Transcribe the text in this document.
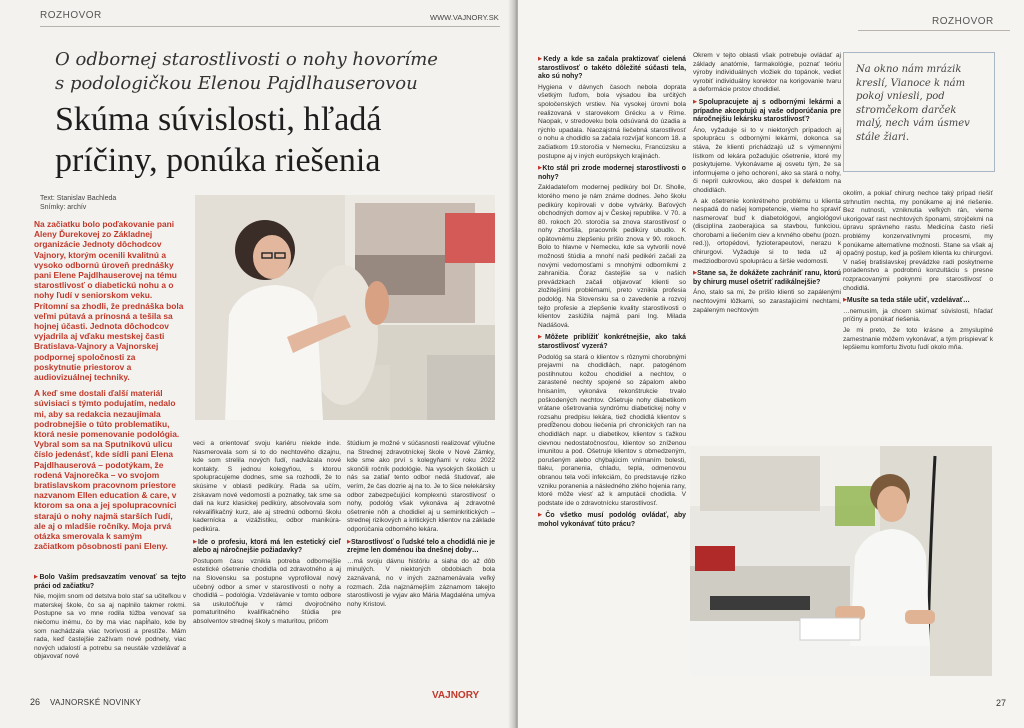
ROZHOVOR	WWW.VAJNORY.SK
O odbornej starostlivosti o nohy hovoríme
s podologičkou Elenou Pajdlhauserovou
Skúma súvislosti, hľadá
príčiny, ponúka riešenia
Text: Stanislav Bachleda
Snímky: archív

Na začiatku bolo poďakovanie pani Aleny Ďurekovej zo Základnej organizácie Jednoty dôchodcov Vajnory, ktorým ocenili kvalitnú a vysoko odbornú úroveň prednášky pani Elene Pajdlhauserovej na tému starostlivosť o diabetickú nohu a o nohy ľudí v seniorskom veku. Prítomní sa zhodli, že prednáška bola veľmi pútavá a prínosná a tešila sa hojnej účasti. Jednota dôchodcov vyjadrila aj vďaku mestskej časti Bratislava-Vajnory a Vajnorskej podpornej spoločnosti za poskytnutie priestorov a audiovizuálnej techniky.

A keď sme dostali ďalší materiál súvisiaci s týmto podujatím, nedalo mi, aby sa redakcia nezaujímala podrobnejšie o túto problematiku, ktorá nesie pomenovanie podológia. Vybral som sa na Sputnikovú ulicu číslo jedenásť, kde sídli pani Elena Pajdlhauserová – podotýkam, že rodená Vajnorečka – vo svojom bratislavskom pracovnom priestore nazvanom Ellen education & care, v ktorom sa ona a jej spolupracovníci starajú o nohy najmä starších ľudí, ale aj o mladšie ročníky. Moja prvá otázka smerovala k samým začiatkom pôsobnosti pani Eleny.

▶ Bolo Vaším predsavzatím venovať sa tejto práci od začiatku?

Nie, mojím snom od detstva bolo stať sa učiteľkou v materskej škole, čo sa aj naplnilo takmer rokmi. Postupne sa vo mne rodila túžba venovať sa niečomu inému, čo by ma viac napĺňalo, kde by som nachádzala viac tvorivosti a prestíže. Mám rada, keď častejšie zažívam nové podnety, viac nových udalostí a potrebu sa neustále vzdelávať a objavovať nové

veci a orientovať svoju kariéru niekde inde. Nasmerovala som si to do nechtového dizajnu, kde som strelila nových ľudí, nadväzala nové kontakty. S jednou kolegyňou, s ktorou spolupracujeme dodnes, sme sa rozhodli, že to skúsime v oblasti pedikúry. Rada sa učím, získavam nové vedomosti a poznatky, tak sme sa dali na kurz klasickej pedikúry, absolvovala som rekvalifikačný kurz, ale aj strednú odbornú školu kadernícka a vizážistiku, odbor manikúra-pedikúra.

▶ Ide o profesiu, ktorá má len estetický cieľ alebo aj náročnejšie požiadavky?

Postupom času vznikla potreba odbornejšie estetické ošetrenie chodidla od zdravotného a aj na Slovensku sa postupne vyprofiloval nový učebný odbor a smer v starostlivosti o nohy a chodidlá – podológia. Vzdelávanie v tomto odbore sa uskutočňuje v rámci dvojročného pomaturitného kvalifikačného štúdia pre absolventov strednej školy s maturitou, pričom

štúdium je možné v súčasnosti realizovať výlučne na Strednej zdravotníckej škole v Nové Zámky, kde sme ako prví s kolegyňami v roku 2022 skončili ročník podológie. Na vysokých školách u nás sa zatiaľ tento odbor nedá študovať, ale verím, že čas dozrie aj na to. Je to šice nelekársky odbor zabezpečujúci komplexnú starostlivosť o nohy, podológ však vykonáva aj zdravotné ošetrenie nôh a chodidiel aj u seminkritických – strednej rizikových a kritických klientov na základe odporúčania odborného lekára.

▶ Starostlivosť o ľudské telo a chodidlá nie je zrejme len doménou iba dnešnej doby…

…má svoju dávnu históriu a siaha do až dôb minulých. V niektorých obdobiach bola zaznávaná, no v iných zaznamenávala veľký rozmach. Zda najznámejším záznamom takejto starostlivosti je vyjav ako Mária Magdaléna umýva nohy Kristovi.

26 VAJNORSKÉ NOVINKY
VAJNORY
ROZHOVOR
▶ Kedy a kde sa začala praktizovať cielená starostlivosť o takéto dôležité súčasti tela, ako sú nohy?

Hygiena v dávnych časoch nebola doprata všetkým ľuďom, bola výsadou iba určitých spoločenských vrstiev. Na vysokej úrovni bola realizovaná v starovekom Grécku a v Ríme. Naopak, v stredoveku bola odsúvaná do úzadia a rýchlo upadala. Naozajstná liečebná starostlivosť o nohu a chodidlo sa začala rozvíjať koncom 18. a začiatkom 19.storočia v Nemecku, Francúzsku a postupne aj v iných európskych krajinách.

▶ Kto stál pri zrode modernej starostlivosti o nohy?

Zakladateľom modernej pedikúry bol Dr. Sholle, ktorého meno je nám známe dodnes. Jeho školu pedikúry kopírovali v dobe vytvárky. Baťových obchodných domov aj v Českej republike. V 70. a 80. rokoch 20. storočia sa znova starostlivosť o nohy zhoršila, pracovník pedikúry ubudlo. K opätovnému zlepšeniu prišlo znova v 90. rokoch. Bolo to hlavne v Nemecku, kde sa vytvorili nové možnosti štúdia a mnohí naši pedikéri začali za novými vedomosťami s mnohými odborníkmi z zahraničia. Čoraz častejšie sa v našich prevádzkach začali objavovať klienti so zložitejšími problémami, preto vznikla profesia podológ. Na Slovensku sa o zavedenie a rozvoj tejto profesie a zlepšenie kvality starostlivosti o klientov zaslúžila najmä pani Ing. Milada Nadášová.

▶ Môžete priblížiť konkrétnejšie, ako taká starostlivosť vyzerá?

Podológ sa stará o klientov s rôznymi chorobnými prejavmi na chodidlách, napr. patogénom postihnutou kožou chodidiel a nechtov, o zarastené nechty spojené so zápalom alebo hnisaním, vykonáva rekonštrukcie trvalo poškodených nechtov. Ošetruje nohy diabetikom vrátane ošetrovania syndrómu diabetickej nohy v rozsahu predpisu lekára, tiež chodidlá klientov s predĺženou dobou liečenia pri chronických ran na chodidlách napr. u diabetikov, klientov s ťažkou cievnou nedostatočnosťou, klientov so zníženou imunitou a pod. Ošetruje klientov s obmedzeným, porušeným alebo chýbajúcim vnímaním bolesti, tlaku, poranenia, chladu, tepla, odmenovou obranou tela voči infekciám, čo predstavuje riziko vzniku poranenia a následného zlého hojenia rany, ktoré môže viesť až k amputácii chodidla. V podstate ide o zdravotnícku starostlivosť.

▶ Čo všetko musí podológ ovládať, aby mohol vykonávať túto prácu?

Okrem v tejto oblasti však potrebuje ovládať aj základy anatómie, farmakológie, poznať teóriu výroby individuálnych vložiek do topánok, vediet vyrobiť individuálny korektor na korigovanie tvaru a deformácie prstov chodidiel.

▶ Spolupracujete aj s odbornými lekármi a prípadne akceptujú aj vaše odporúčania pre náročnejšiu lekársku starostlivosť?

Áno, vyžaduje si to v niektorých prípadoch aj spoluprácu s odbornými lekármi, dokonca sa stáva, že klienti prichádzajú už s výmennými lístkom od lekára požadujúc ošetrenie, ktoré my poskytujeme. Vykonávame aj osvetu tým, že sa informujeme o jeho ochorení, ako sa stará o nohy, či nepril cukrovkou, ako dospel k defektom na chodidlách.

A ak ošetrenie konkrétneho problému u klienta nespadá do našej kompetencie, vieme ho spraviť nasmerovať buď k diabetológovi, angiológovi (disciplína zaoberajúca sa stavbou, funkciou, chorobami a liečením ciev a krvného obehu (pozn. red.)), ortopédovi, fyzioterapeutovi, nerazu k chirurgovi. Vyžaduje si to teda už aj medziodborovú spoluprácu a širšie vedomosti.

▶ Stane sa, že dokážete zachrániť ranu, ktorú by chirurg musel ošetriť radikálnejšie?

Áno, stalo sa mi, že prišlo klienti so zapálenými nechtovými lôžkami, so zarastajúcimi nechtami, zapáleným nechtovým

Na okno nám mrázik kreslí, Vianoce k nám pokoj vniesli, pod stromčekom darček malý, nech vám úsmev stále žiari.

okolím, a pokiaľ chirurg nechce taký prípad riešiť strhnutím nechta, my ponúkame aj iné riešenie. Bez nutnosti, vzniknutia veľkých rán, vieme ukorigovať rast nechtových šponami, strojčekmi na úpravu správneho rastu. Medicína často rieši problémy konzervatívnymi procesmi, my ponúkame alternatívne možnosti. Stane sa však aj opačný postup, keď ja pošlem klienta ku chirurgovi. V našej bratislavskej prevádzke radi poskytneme poradenstvo a podrobnú konzultáciu s presne rozpracovanými pokynmi pre starostlivosť o chodidlá.

▶ Musíte sa teda stále učiť, vzdelávať…

…nemusím, ja chcem skúmať súvislosti, hľadať príčiny a ponúkať riešenia.

Je mi preto, že toto krásne a zmysluplné zamestnanie môžem vykonávať, a tým prispievať k lepšiemu komfortu životu ľudí okolo mňa.

27
